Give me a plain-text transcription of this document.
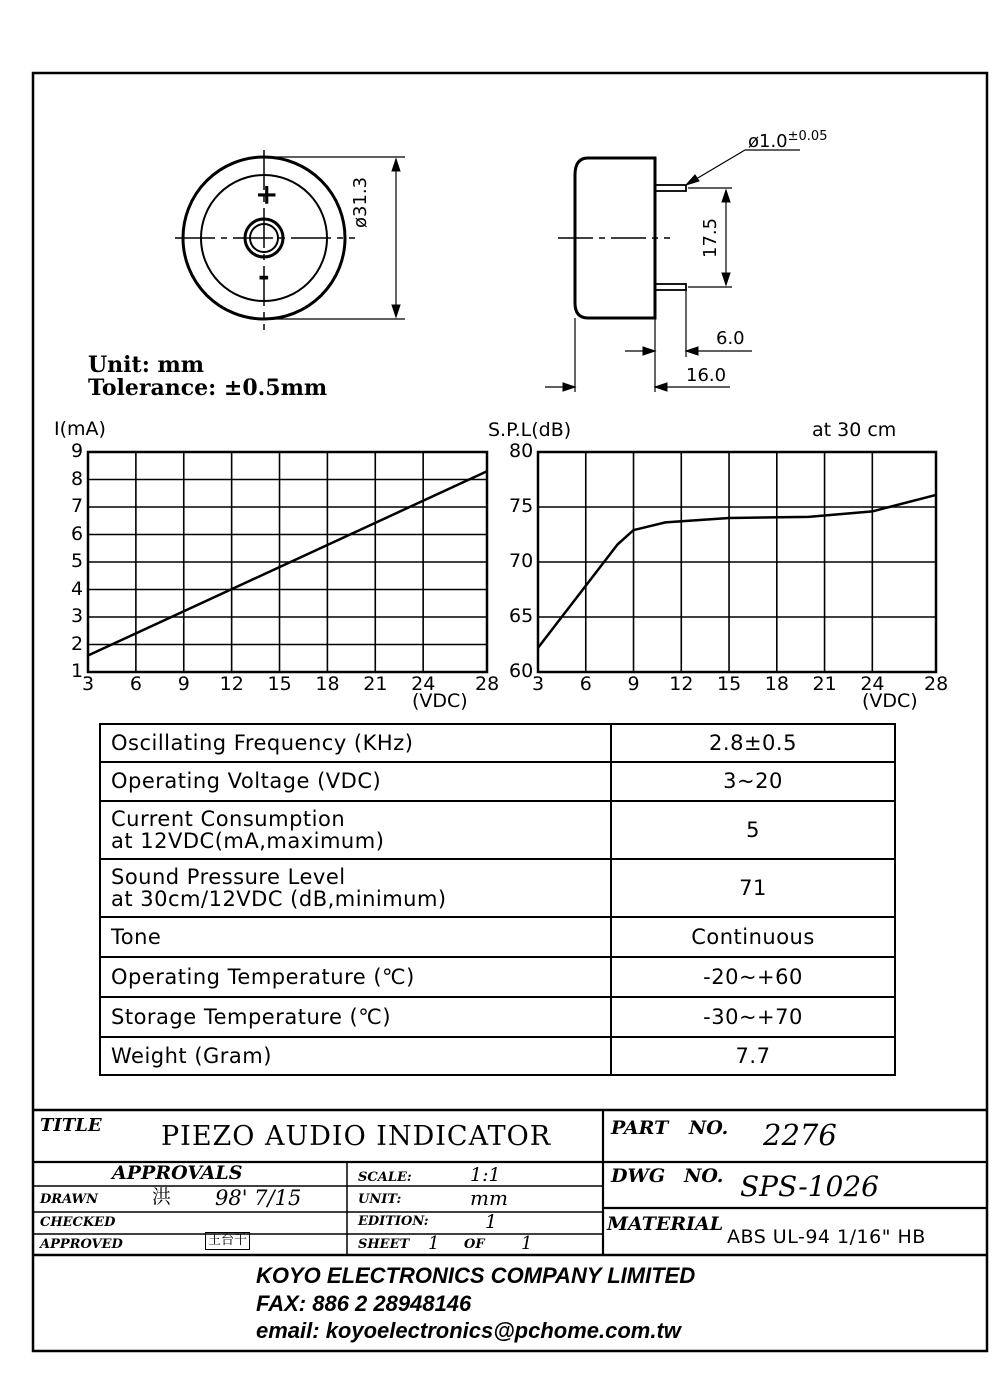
+
-
ø31.3
$ø1.0^{\pm 0.05}$
17.5
6.0
16.0
Unit: mm
Tolerance: ±0.5mm
I(mA)
(VDC)
3 6 9 12 15 18 21 24 28
1
2
3
4
5
6
7
8
9
S.P.L(dB)	at 30 cm
(VDC)
3 6 9 12 15 18 21 24 28
60
65
70
75
80
Oscillating Frequency (KHz)	2.8±0.5
Operating Voltage (VDC)	3~20

Current Consumption
at 12VDC(mA,maximum)	5

Sound Pressure Level
at 30cm/12VDC (dB,minimum)	71
Tone	Continuous
Operating Temperature (℃)	-20~+60
Storage Temperature (℃)	-30~+70
Weight (Gram)	7.7
TITLE PIEZO AUDIO INDICATOR	PART NO. 2276
APPROVALS	SCALE:	1:1
DRAWN	洪 98' 7/15	UNIT:	mm
CHECKED	EDITION:	1
APPROVED	王台千	SHEET 1 OF 1
DWG NO. SPS-1026
MATERIAL
ABS UL-94 1/16" HB
KOYO ELECTRONICS COMPANY LIMITED
FAX: 886 2 28948146
email: koyoelectronics@pchome.com.tw
